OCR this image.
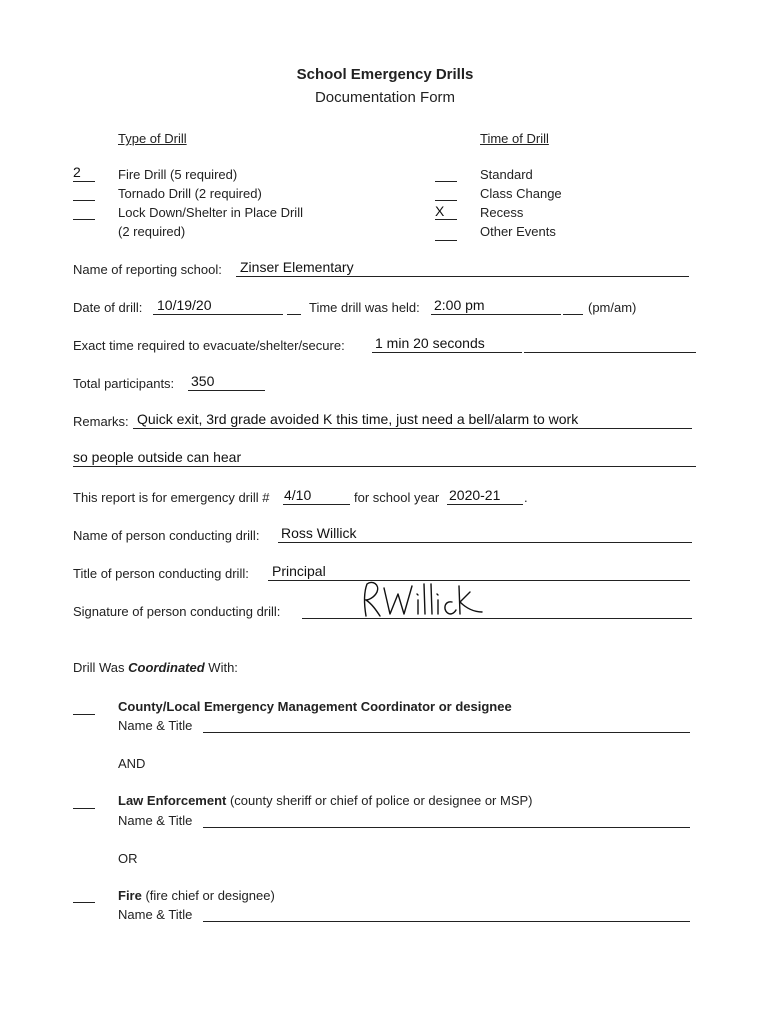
School Emergency Drills
Documentation Form
Type of Drill
2	Fire Drill (5 required)
Tornado Drill (2 required)
Lock Down/Shelter in Place Drill
(2 required)
Time of Drill
Standard
Class Change
X	Recess
Other Events
Name of reporting school: Zinser Elementary
Date of drill: 10/19/20	Time drill was held: 2:00 pm	(pm/am)
Exact time required to evacuate/shelter/secure: 1 min 20 seconds
Total participants: 350
Remarks: Quick exit, 3rd grade avoided K this time, just need a bell/alarm to work
so people outside can hear
This report is for emergency drill # 4/10	for school year 2020-21 .
Name of person conducting drill: Ross Willick
Title of person conducting drill: Principal
Signature of person conducting drill:
Drill Was Coordinated With:
County/Local Emergency Management Coordinator or designee
Name & Title
AND
Law Enforcement (county sheriff or chief of police or designee or MSP)
Name & Title
OR
Fire (fire chief or designee)
Name & Title
